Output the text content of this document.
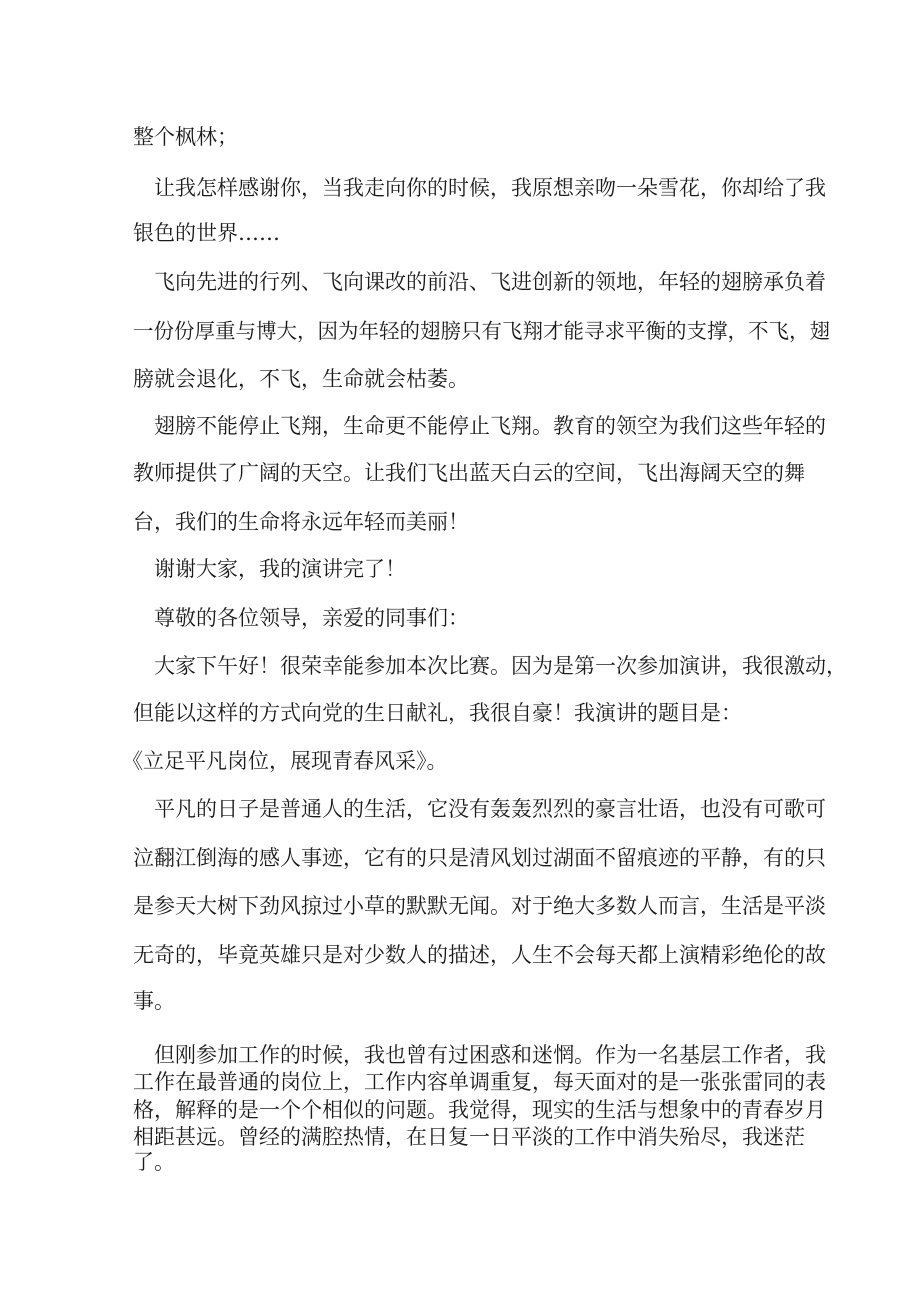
整个枫林；
让我怎样感谢你，当我走向你的时候，我原想亲吻一朵雪花，你却给了我
银色的世界……
飞向先进的行列、飞向课改的前沿、飞进创新的领地，年轻的翅膀承负着
一份份厚重与博大，因为年轻的翅膀只有飞翔才能寻求平衡的支撑，不飞，翅
膀就会退化，不飞，生命就会枯萎。
翅膀不能停止飞翔，生命更不能停止飞翔。教育的领空为我们这些年轻的
教师提供了广阔的天空。让我们飞出蓝天白云的空间，飞出海阔天空的舞
台，我们的生命将永远年轻而美丽！
谢谢大家，我的演讲完了！
尊敬的各位领导，亲爱的同事们：
大家下午好！很荣幸能参加本次比赛。因为是第一次参加演讲，我很激动，
但能以这样的方式向党的生日献礼，我很自豪！我演讲的题目是：
《立足平凡岗位，展现青春风采》。
平凡的日子是普通人的生活，它没有轰轰烈烈的豪言壮语，也没有可歌可
泣翻江倒海的感人事迹，它有的只是清风划过湖面不留痕迹的平静，有的只
是参天大树下劲风掠过小草的默默无闻。对于绝大多数人而言，生活是平淡
无奇的，毕竟英雄只是对少数人的描述，人生不会每天都上演精彩绝伦的故
事。
但刚参加工作的时候，我也曾有过困惑和迷惘。作为一名基层工作者，我
工作在最普通的岗位上，工作内容单调重复，每天面对的是一张张雷同的表
格，解释的是一个个相似的问题。我觉得，现实的生活与想象中的青春岁月
相距甚远。曾经的满腔热情，在日复一日平淡的工作中消失殆尽，我迷茫
了。
